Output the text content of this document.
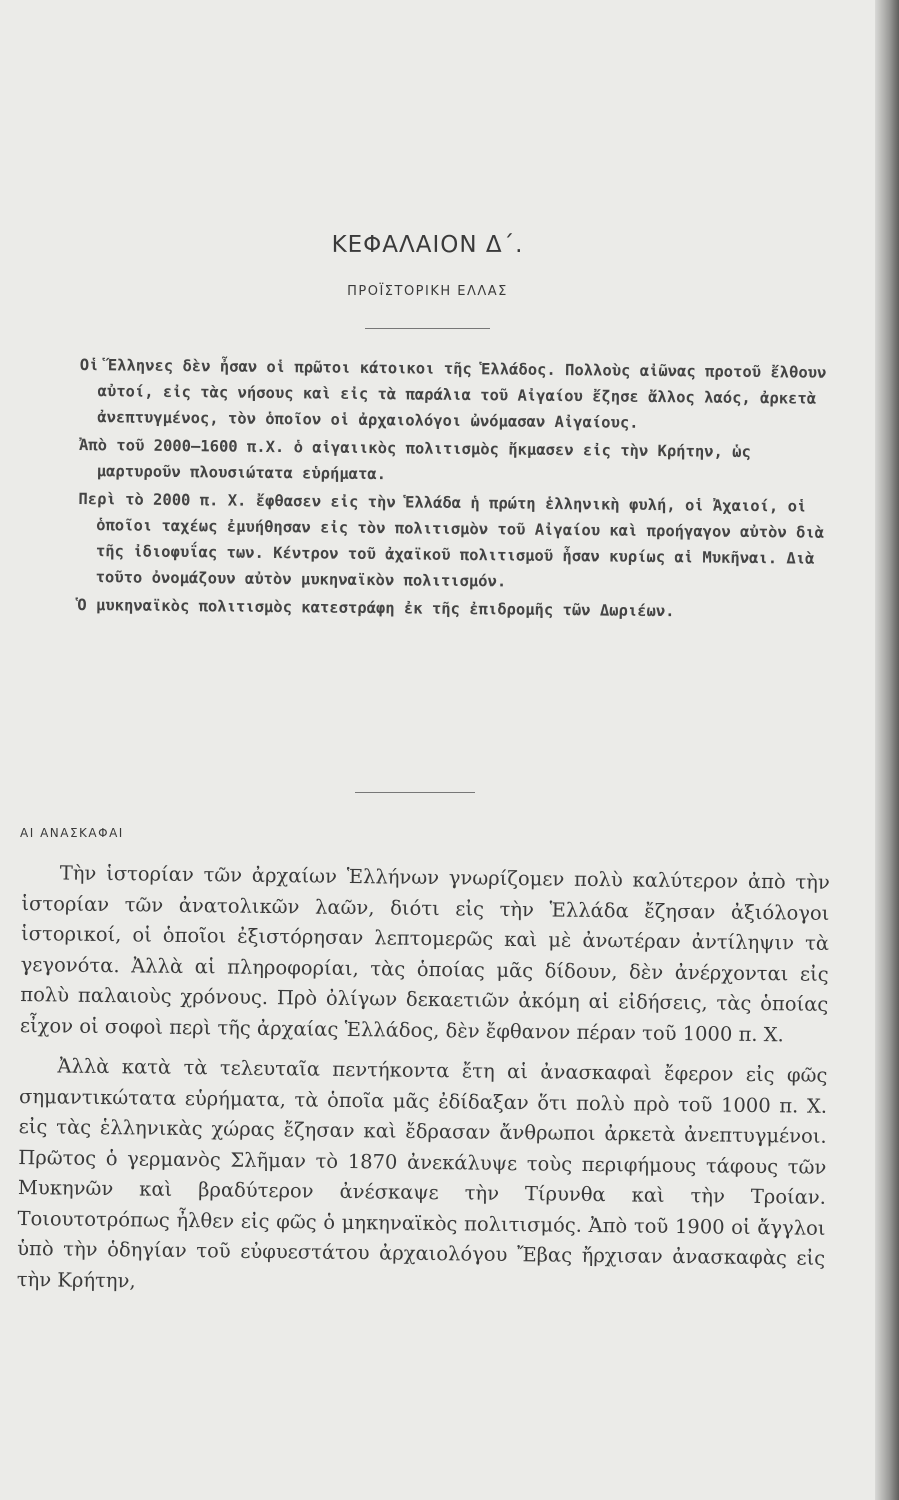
ΚΕΦΑΛΑΙΟΝ Δ΄.
ΠΡΟΪΣΤΟΡΙΚΗ ΕΛΛΑΣ

Οἱ Ἕλληνες δὲν ἦσαν οἱ πρῶτοι κάτοικοι τῆς Ἑλλάδος. Πολλοὺς αἰῶνας προτοῦ ἔλθουν αὐτοί, εἰς τὰς νήσους καὶ εἰς τὰ παράλια τοῦ Αἰγαίου ἔζησε ἄλλος λαός, ἀρκετὰ ἀνεπτυγμένος, τὸν ὁποῖον οἱ ἀρχαιολόγοι ὠνόμασαν Αἰγαίους.

Ἀπὸ τοῦ 2000—1600 π.Χ. ὁ αἰγαιικὸς πολιτισμὸς ἤκμασεν εἰς τὴν Κρήτην, ὡς μαρτυροῦν πλουσιώτατα εὑρήματα.

Περὶ τὸ 2000 π. Χ. ἔφθασεν εἰς τὴν Ἑλλάδα ἡ πρώτη ἑλληνικὴ φυλή, οἱ Ἀχαιοί, οἱ ὁποῖοι ταχέως ἐμυήθησαν εἰς τὸν πολιτισμὸν τοῦ Αἰγαίου καὶ προήγαγον αὐτὸν διὰ τῆς ἰδιοφυΐας των. Κέντρον τοῦ ἀχαϊκοῦ πολιτισμοῦ ἦσαν κυρίως αἱ Μυκῆναι. Διὰ τοῦτο ὀνομάζουν αὐτὸν μυκηναϊκὸν πολιτισμόν.

Ὁ μυκηναϊκὸς πολιτισμὸς κατεστράφη ἐκ τῆς ἐπιδρομῆς τῶν Δωριέων.

ΑΙ ΑΝΑΣΚΑΦΑΙ

Τὴν ἱστορίαν τῶν ἀρχαίων Ἑλλήνων γνωρίζομεν πολὺ καλύτερον ἀπὸ τὴν ἱστορίαν τῶν ἀνατολικῶν λαῶν, διότι εἰς τὴν Ἑλλάδα ἔζησαν ἀξιόλογοι ἱστορικοί, οἱ ὁποῖοι ἐξιστόρησαν λεπτομερῶς καὶ μὲ ἀνωτέραν ἀντίληψιν τὰ γεγονότα. Ἀλλὰ αἱ πληροφορίαι, τὰς ὁποίας μᾶς δίδουν, δὲν ἀνέρχονται εἰς πολὺ παλαιοὺς χρόνους. Πρὸ ὀλίγων δεκαετιῶν ἀκόμη αἱ εἰδήσεις, τὰς ὁποίας εἶχον οἱ σοφοὶ περὶ τῆς ἀρχαίας Ἑλλάδος, δὲν ἔφθανον πέραν τοῦ 1000 π. Χ.

Ἀλλὰ κατὰ τὰ τελευταῖα πεντήκοντα ἔτη αἱ ἀνασκαφαὶ ἔφερον εἰς φῶς σημαντικώτατα εὑρήματα, τὰ ὁποῖα μᾶς ἐδίδαξαν ὅτι πολὺ πρὸ τοῦ 1000 π. Χ. εἰς τὰς ἑλληνικὰς χώρας ἔζησαν καὶ ἔδρασαν ἄνθρωποι ἀρκετὰ ἀνεπτυγμένοι. Πρῶτος ὁ γερμανὸς Σλῆμαν τὸ 1870 ἀνεκάλυψε τοὺς περιφήμους τάφους τῶν Μυκηνῶν καὶ βραδύτερον ἀνέσκαψε τὴν Τίρυνθα καὶ τὴν Τροίαν. Τοιουτοτρόπως ἦλθεν εἰς φῶς ὁ μηκηναϊκὸς πολιτισμός. Ἀπὸ τοῦ 1900 οἱ ἄγγλοι ὑπὸ τὴν ὁδηγίαν τοῦ εὐφυεστάτου ἀρχαιολόγου Ἔβας ἤρχισαν ἀνασκαφὰς εἰς τὴν Κρήτην,
